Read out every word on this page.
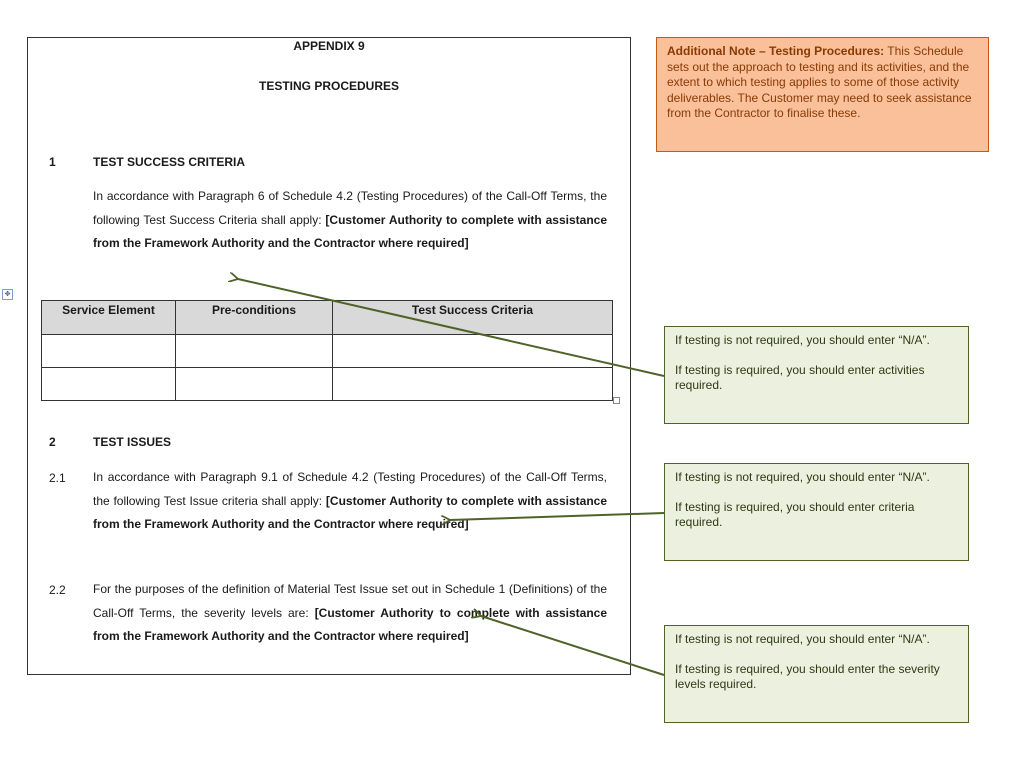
APPENDIX 9
TESTING PROCEDURES
1	TEST SUCCESS CRITERIA
In accordance with Paragraph 6 of Schedule 4.2 (Testing Procedures) of the Call-Off Terms, the following Test Success Criteria shall apply: [Customer Authority to complete with assistance from the Framework Authority and the Contractor where required]
Service Element	Pre-conditions	Test Success Criteria

2	TEST ISSUES
2.1 In accordance with Paragraph 9.1 of Schedule 4.2 (Testing Procedures) of the Call-Off Terms, the following Test Issue criteria shall apply: [Customer Authority to complete with assistance from the Framework Authority and the Contractor where required]
2.2 For the purposes of the definition of Material Test Issue set out in Schedule 1 (Definitions) of the Call-Off Terms, the severity levels are: [Customer Authority to complete with assistance from the Framework Authority and the Contractor where required]
✥
Additional Note – Testing Procedures: This Schedule sets out the approach to testing and its activities, and the extent to which testing applies to some of those activity deliverables. The Customer may need to seek assistance from the Contractor to finalise these.

If testing is not required, you should enter “N/A”.

If testing is required, you should enter activities required.

If testing is not required, you should enter “N/A”.

If testing is required, you should enter criteria required.

If testing is not required, you should enter “N/A”.

If testing is required, you should enter the severity levels required.
